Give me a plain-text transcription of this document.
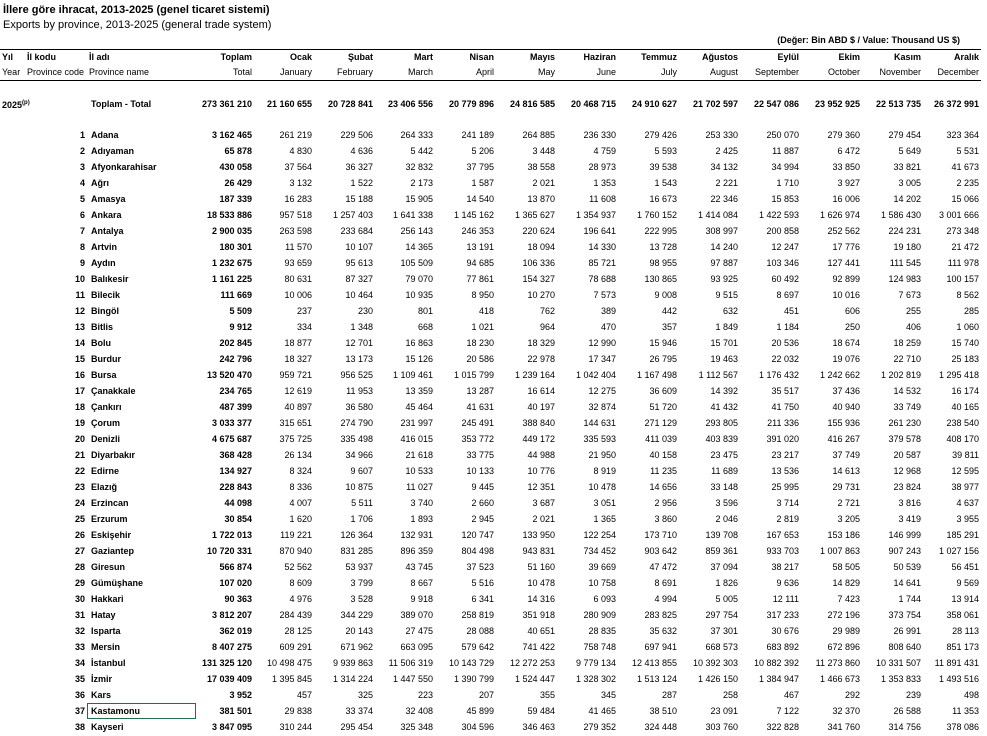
İllere göre ihracat, 2013-2025 (genel ticaret sistemi)
Exports by province, 2013-2025 (general trade system)
(Değer: Bin ABD $ / Value: Thousand US $)
Yıl	İl kodu	İl adı	Toplam	Ocak	Şubat	Mart	Nisan	Mayıs	Haziran	Temmuz	Ağustos	Eylül	Ekim	Kasım	Aralık
Year	Province code	Province name	Total	January	February	March	April	May	June	July	August	September	October	November	December

2025$^{(p)}$		Toplam - Total	273 361 210	21 160 655	20 728 841	23 406 556	20 779 896	24 816 585	20 468 715	24 910 627	21 702 597	22 547 086	23 952 925	22 513 735	26 372 991

	1	Adana	3 162 465	261 219	229 506	264 333	241 189	264 885	236 330	279 426	253 330	250 070	279 360	279 454	323 364
	2	Adıyaman	65 878	4 830	4 636	5 442	5 206	3 448	4 759	5 593	2 425	11 887	6 472	5 649	5 531
	3	Afyonkarahisar	430 058	37 564	36 327	32 832	37 795	38 558	28 973	39 538	34 132	34 994	33 850	33 821	41 673
	4	Ağrı	26 429	3 132	1 522	2 173	1 587	2 021	1 353	1 543	2 221	1 710	3 927	3 005	2 235
	5	Amasya	187 339	16 283	15 188	15 905	14 540	13 870	11 608	16 673	22 346	15 853	16 006	14 202	15 066
	6	Ankara	18 533 886	957 518	1 257 403	1 641 338	1 145 162	1 365 627	1 354 937	1 760 152	1 414 084	1 422 593	1 626 974	1 586 430	3 001 666
	7	Antalya	2 900 035	263 598	233 684	256 143	246 353	220 624	196 641	222 995	308 997	200 858	252 562	224 231	273 348
	8	Artvin	180 301	11 570	10 107	14 365	13 191	18 094	14 330	13 728	14 240	12 247	17 776	19 180	21 472
	9	Aydın	1 232 675	93 659	95 613	105 509	94 685	106 336	85 721	98 955	97 887	103 346	127 441	111 545	111 978
	10	Balıkesir	1 161 225	80 631	87 327	79 070	77 861	154 327	78 688	130 865	93 925	60 492	92 899	124 983	100 157
	11	Bilecik	111 669	10 006	10 464	10 935	8 950	10 270	7 573	9 008	9 515	8 697	10 016	7 673	8 562
	12	Bingöl	5 509	237	230	801	418	762	389	442	632	451	606	255	285
	13	Bitlis	9 912	334	1 348	668	1 021	964	470	357	1 849	1 184	250	406	1 060
	14	Bolu	202 845	18 877	12 701	16 863	18 230	18 329	12 990	15 946	15 701	20 536	18 674	18 259	15 740
	15	Burdur	242 796	18 327	13 173	15 126	20 586	22 978	17 347	26 795	19 463	22 032	19 076	22 710	25 183
	16	Bursa	13 520 470	959 721	956 525	1 109 461	1 015 799	1 239 164	1 042 404	1 167 498	1 112 567	1 176 432	1 242 662	1 202 819	1 295 418
	17	Çanakkale	234 765	12 619	11 953	13 359	13 287	16 614	12 275	36 609	14 392	35 517	37 436	14 532	16 174
	18	Çankırı	487 399	40 897	36 580	45 464	41 631	40 197	32 874	51 720	41 432	41 750	40 940	33 749	40 165
	19	Çorum	3 033 377	315 651	274 790	231 997	245 491	388 840	144 631	271 129	293 805	211 336	155 936	261 230	238 540
	20	Denizli	4 675 687	375 725	335 498	416 015	353 772	449 172	335 593	411 039	403 839	391 020	416 267	379 578	408 170
	21	Diyarbakır	368 428	26 134	34 966	21 618	33 775	44 988	21 950	40 158	23 475	23 217	37 749	20 587	39 811
	22	Edirne	134 927	8 324	9 607	10 533	10 133	10 776	8 919	11 235	11 689	13 536	14 613	12 968	12 595
	23	Elazığ	228 843	8 336	10 875	11 027	9 445	12 351	10 478	14 656	33 148	25 995	29 731	23 824	38 977
	24	Erzincan	44 098	4 007	5 511	3 740	2 660	3 687	3 051	2 956	3 596	3 714	2 721	3 816	4 637
	25	Erzurum	30 854	1 620	1 706	1 893	2 945	2 021	1 365	3 860	2 046	2 819	3 205	3 419	3 955
	26	Eskişehir	1 722 013	119 221	126 364	132 931	120 747	133 950	122 254	173 710	139 708	167 653	153 186	146 999	185 291
	27	Gaziantep	10 720 331	870 940	831 285	896 359	804 498	943 831	734 452	903 642	859 361	933 703	1 007 863	907 243	1 027 156
	28	Giresun	566 874	52 562	53 937	43 745	37 523	51 160	39 669	47 472	37 094	38 217	58 505	50 539	56 451
	29	Gümüşhane	107 020	8 609	3 799	8 667	5 516	10 478	10 758	8 691	1 826	9 636	14 829	14 641	9 569
	30	Hakkari	90 363	4 976	3 528	9 918	6 341	14 316	6 093	4 994	5 005	12 111	7 423	1 744	13 914
	31	Hatay	3 812 207	284 439	344 229	389 070	258 819	351 918	280 909	283 825	297 754	317 233	272 196	373 754	358 061
	32	Isparta	362 019	28 125	20 143	27 475	28 088	40 651	28 835	35 632	37 301	30 676	29 989	26 991	28 113
	33	Mersin	8 407 275	609 291	671 962	663 095	579 642	741 422	758 748	697 941	668 573	683 892	672 896	808 640	851 173
	34	İstanbul	131 325 120	10 498 475	9 939 863	11 506 319	10 143 729	12 272 253	9 779 134	12 413 855	10 392 303	10 882 392	11 273 860	10 331 507	11 891 431
	35	İzmir	17 039 409	1 395 845	1 314 224	1 447 550	1 390 799	1 524 447	1 328 302	1 513 124	1 426 150	1 384 947	1 466 673	1 353 833	1 493 516
	36	Kars	3 952	457	325	223	207	355	345	287	258	467	292	239	498
	37	Kastamonu	381 501	29 838	33 374	32 408	45 899	59 484	41 465	38 510	23 091	7 122	32 370	26 588	11 353
	38	Kayseri	3 847 095	310 244	295 454	325 348	304 596	346 463	279 352	324 448	303 760	322 828	341 760	314 756	378 086
